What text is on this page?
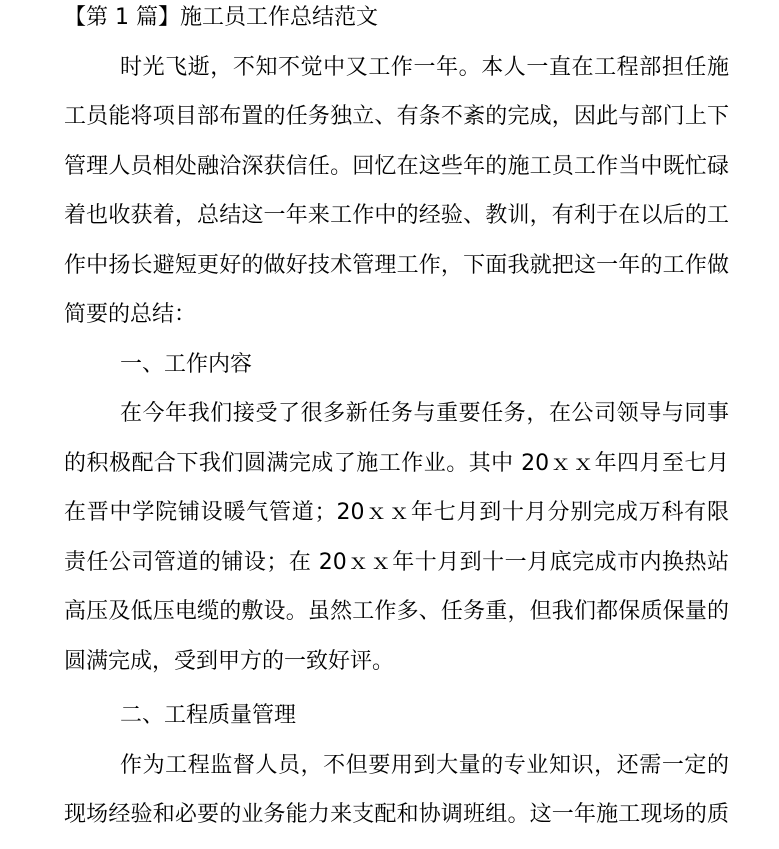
【第 1 篇】施工员工作总结范文
时光飞逝，不知不觉中又工作一年。本人一直在工程部担任施
工员能将项目部布置的任务独立、有条不紊的完成，因此与部门上下
管理人员相处融洽深获信任。回忆在这些年的施工员工作当中既忙碌
着也收获着，总结这一年来工作中的经验、教训，有利于在以后的工
作中扬长避短更好的做好技术管理工作，下面我就把这一年的工作做
简要的总结：
一、工作内容
在今年我们接受了很多新任务与重要任务，在公司领导与同事
的积极配合下我们圆满完成了施工作业。其中 20ｘｘ年四月至七月
在晋中学院铺设暖气管道；20ｘｘ年七月到十月分别完成万科有限
责任公司管道的铺设；在 20ｘｘ年十月到十一月底完成市内换热站
高压及低压电缆的敷设。虽然工作多、任务重，但我们都保质保量的
圆满完成，受到甲方的一致好评。
二、工程质量管理
作为工程监督人员，不但要用到大量的专业知识，还需一定的
现场经验和必要的业务能力来支配和协调班组。这一年施工现场的质
